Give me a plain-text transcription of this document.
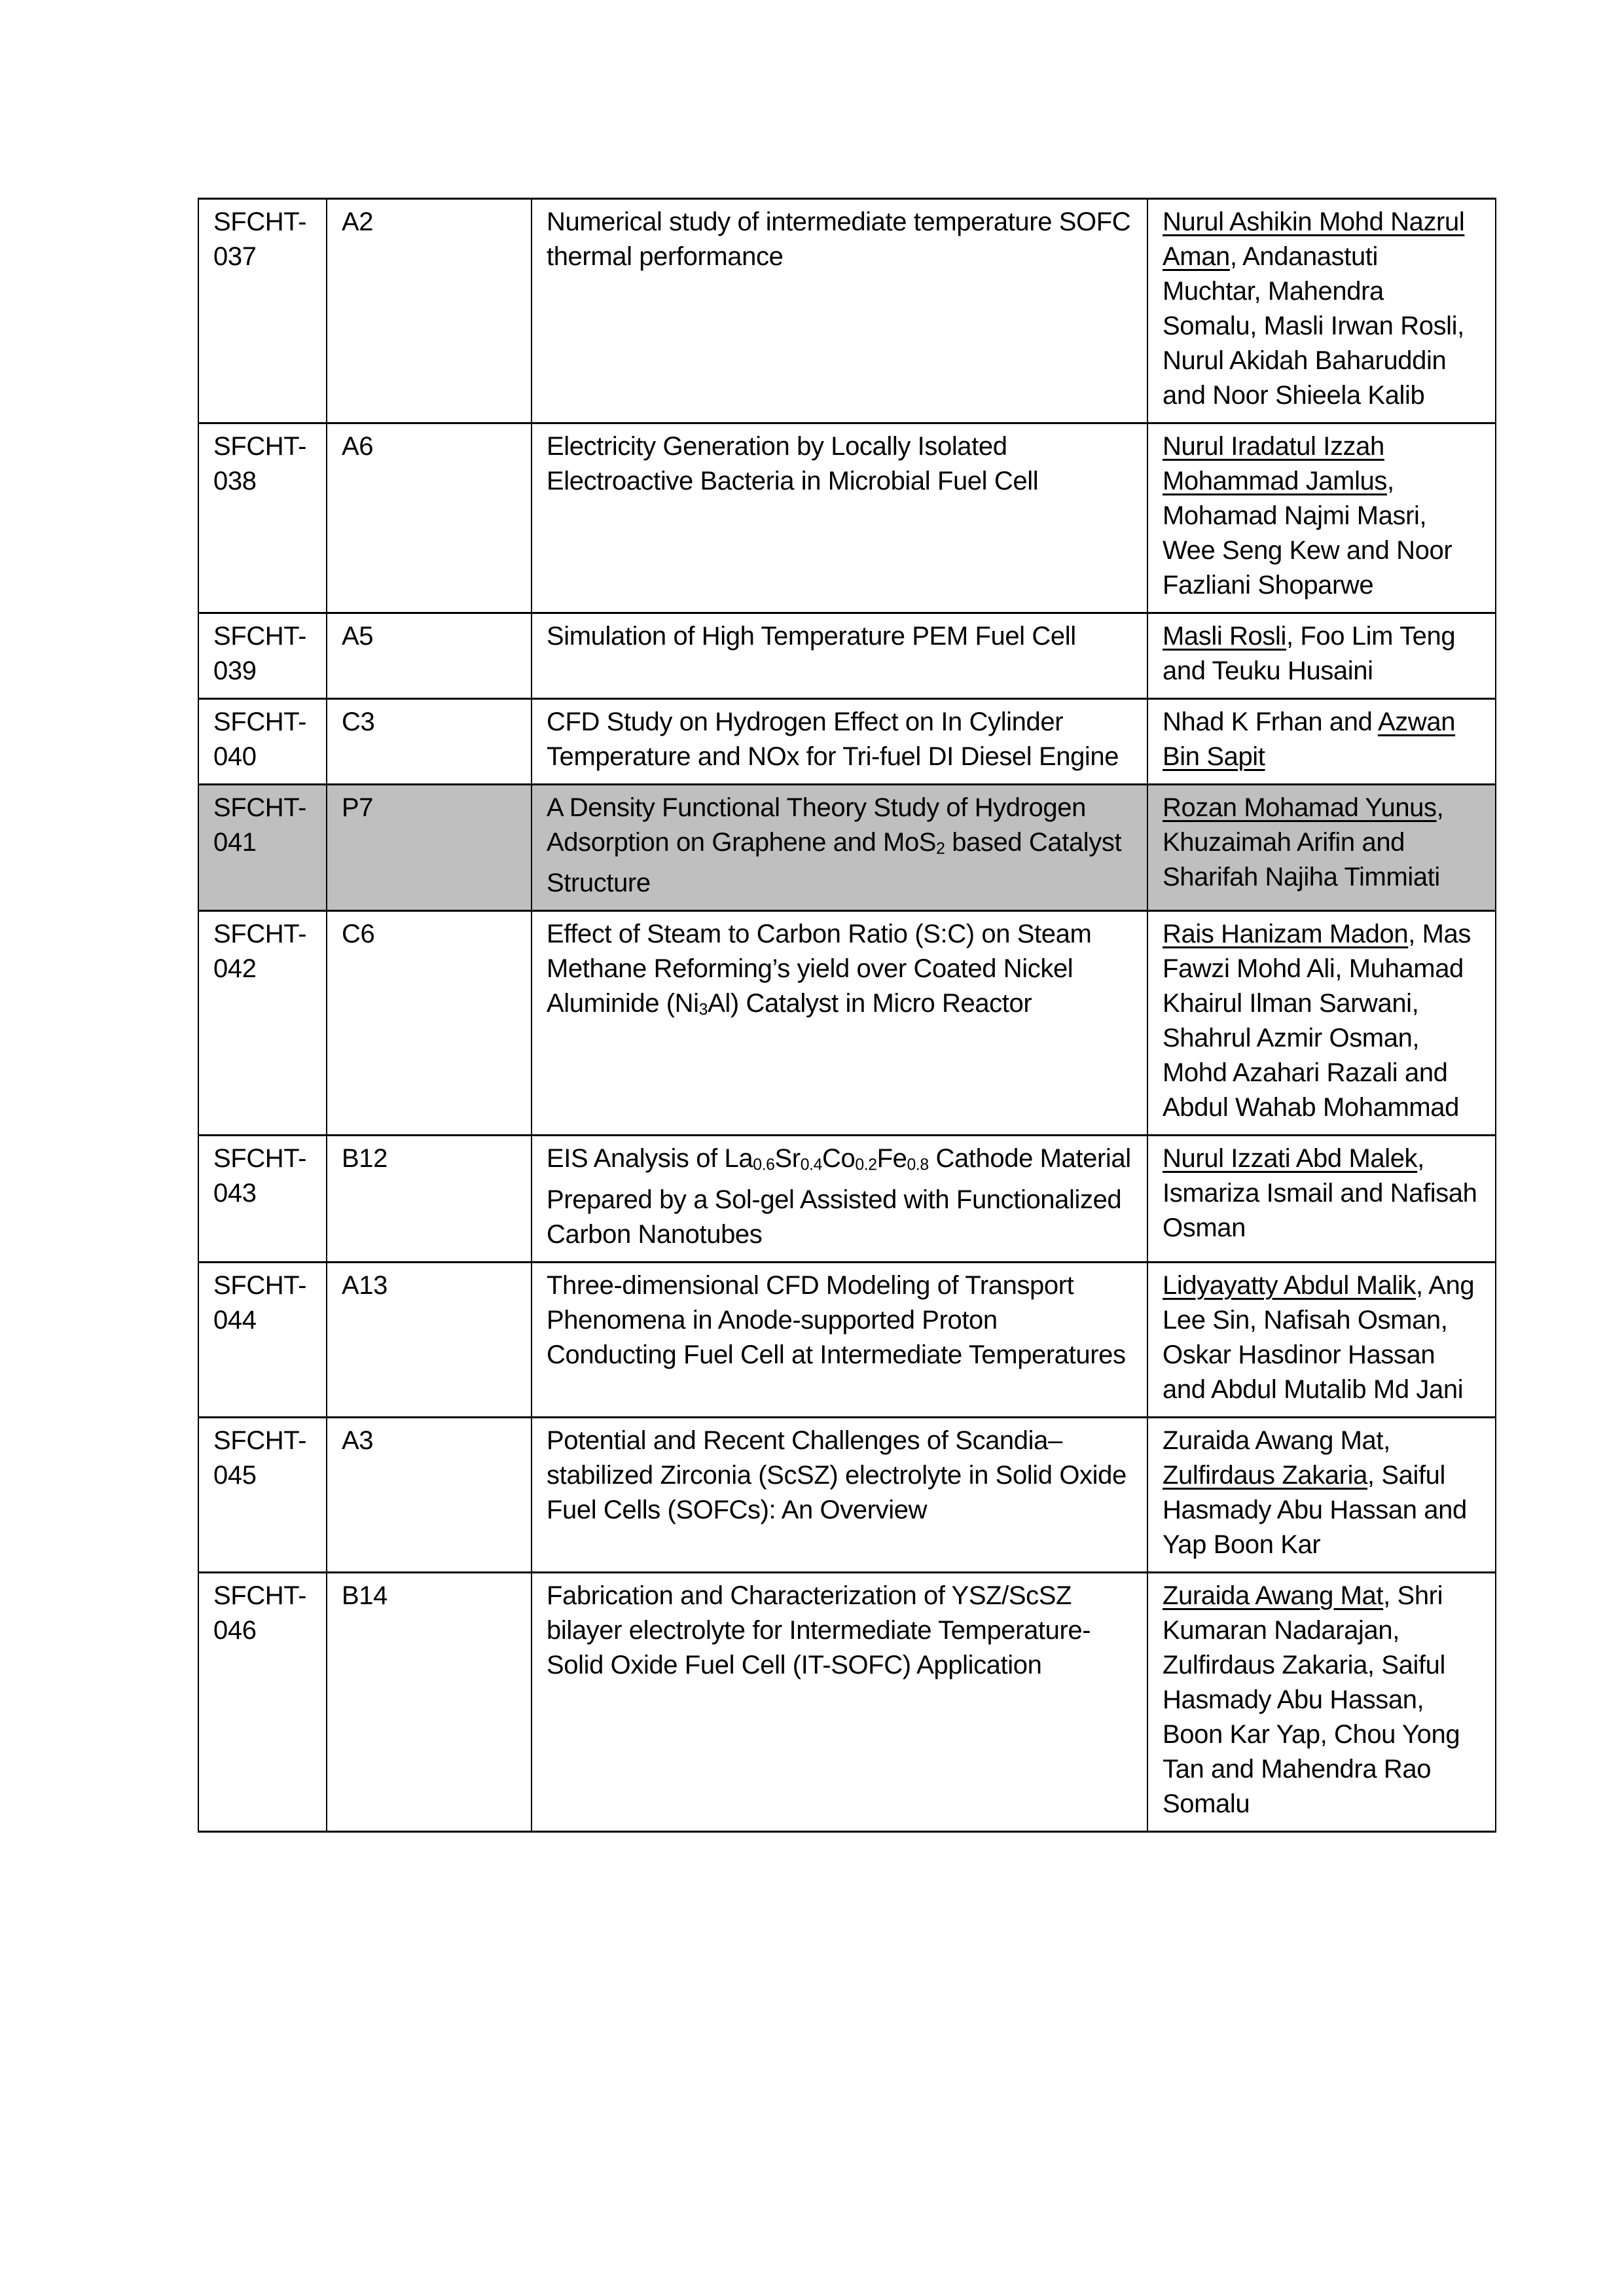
SFCHT-037	A2	Numerical study of intermediate temperature SOFC thermal performance	Nurul Ashikin Mohd Nazrul Aman, Andanastuti Muchtar, Mahendra Somalu, Masli Irwan Rosli, Nurul Akidah Baharuddin and Noor Shieela Kalib
SFCHT-038	A6	Electricity Generation by Locally Isolated Electroactive Bacteria in Microbial Fuel Cell	Nurul Iradatul Izzah Mohammad Jamlus, Mohamad Najmi Masri, Wee Seng Kew and Noor Fazliani Shoparwe
SFCHT-039	A5	Simulation of High Temperature PEM Fuel Cell	Masli Rosli, Foo Lim Teng and Teuku Husaini
SFCHT-040	C3	CFD Study on Hydrogen Effect on In Cylinder Temperature and NOx for Tri-fuel DI Diesel Engine	Nhad K Frhan and Azwan Bin Sapit
SFCHT-041	P7	A Density Functional Theory Study of Hydrogen Adsorption on Graphene and MoS2 based Catalyst Structure	Rozan Mohamad Yunus, Khuzaimah Arifin and Sharifah Najiha Timmiati
SFCHT-042	C6	Effect of Steam to Carbon Ratio (S:C) on Steam Methane Reforming’s yield over Coated Nickel Aluminide (Ni3Al) Catalyst in Micro Reactor	Rais Hanizam Madon, Mas Fawzi Mohd Ali, Muhamad Khairul Ilman Sarwani, Shahrul Azmir Osman, Mohd Azahari Razali and Abdul Wahab Mohammad
SFCHT-043	B12	EIS Analysis of La0.6Sr0.4Co0.2Fe0.8 Cathode Material Prepared by a Sol-gel Assisted with Functionalized Carbon Nanotubes	Nurul Izzati Abd Malek, Ismariza Ismail and Nafisah Osman
SFCHT-044	A13	Three-dimensional CFD Modeling of Transport Phenomena in Anode-supported Proton Conducting Fuel Cell at Intermediate Temperatures	Lidyayatty Abdul Malik, Ang Lee Sin, Nafisah Osman, Oskar Hasdinor Hassan and Abdul Mutalib Md Jani
SFCHT-045	A3	Potential and Recent Challenges of Scandia–stabilized Zirconia (ScSZ) electrolyte in Solid Oxide Fuel Cells (SOFCs): An Overview	Zuraida Awang Mat, Zulfirdaus Zakaria, Saiful Hasmady Abu Hassan and Yap Boon Kar
SFCHT-046	B14	Fabrication and Characterization of YSZ/ScSZ bilayer electrolyte for Intermediate Temperature-Solid Oxide Fuel Cell (IT-SOFC) Application	Zuraida Awang Mat, Shri Kumaran Nadarajan, Zulfirdaus Zakaria, Saiful Hasmady Abu Hassan, Boon Kar Yap, Chou Yong Tan and Mahendra Rao Somalu
